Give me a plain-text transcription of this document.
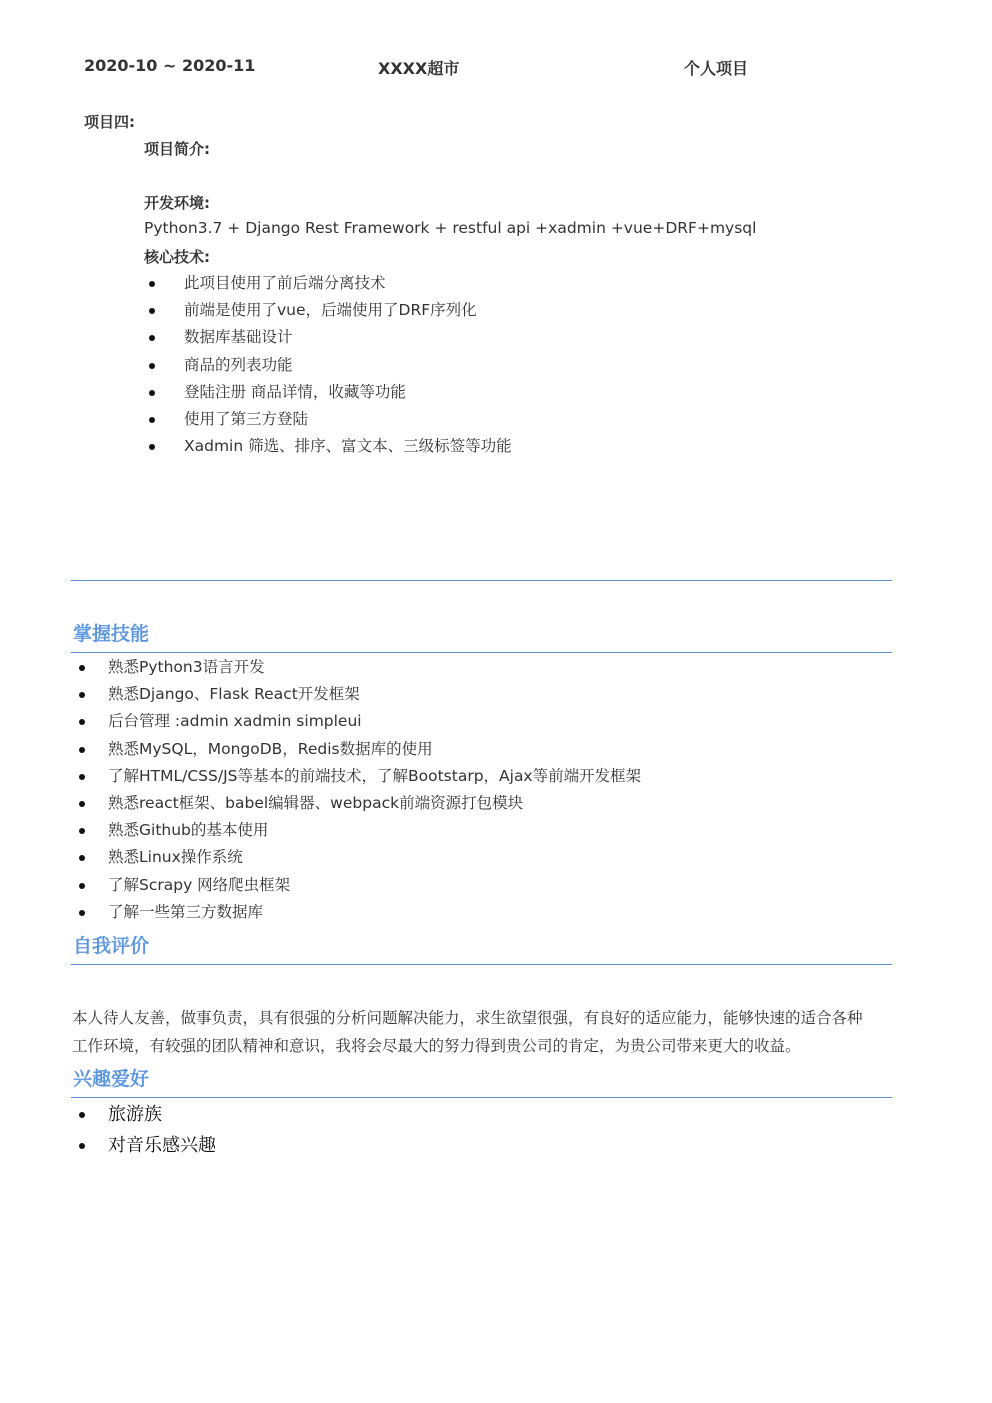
2020-10 ~ 2020-11	XXXX超市	个人项目
项目四:
项目简介:
开发环境:
Python3.7 + Django Rest Framework + restful api +xadmin +vue+DRF+mysql
核心技术:
此项目使用了前后端分离技术
前端是使用了vue，后端使用了DRF序列化
数据库基础设计
商品的列表功能
登陆注册 商品详情，收藏等功能
使用了第三方登陆
Xadmin 筛选、排序、富文本、三级标签等功能
掌握技能
熟悉Python3语言开发
熟悉Django、Flask React开发框架
后台管理 :admin xadmin simpleui
熟悉MySQL，MongoDB，Redis数据库的使用
了解HTML/CSS/JS等基本的前端技术，了解Bootstarp，Ajax等前端开发框架
熟悉react框架、babel编辑器、webpack前端资源打包模块
熟悉Github的基本使用
熟悉Linux操作系统
了解Scrapy 网络爬虫框架
了解一些第三方数据库
自我评价
本人待人友善，做事负责，具有很强的分析问题解决能力，求生欲望很强，有良好的适应能力，能够快速的适合各种
工作环境，有较强的团队精神和意识，我将会尽最大的努力得到贵公司的肯定，为贵公司带来更大的收益。
兴趣爱好
旅游族
对音乐感兴趣
